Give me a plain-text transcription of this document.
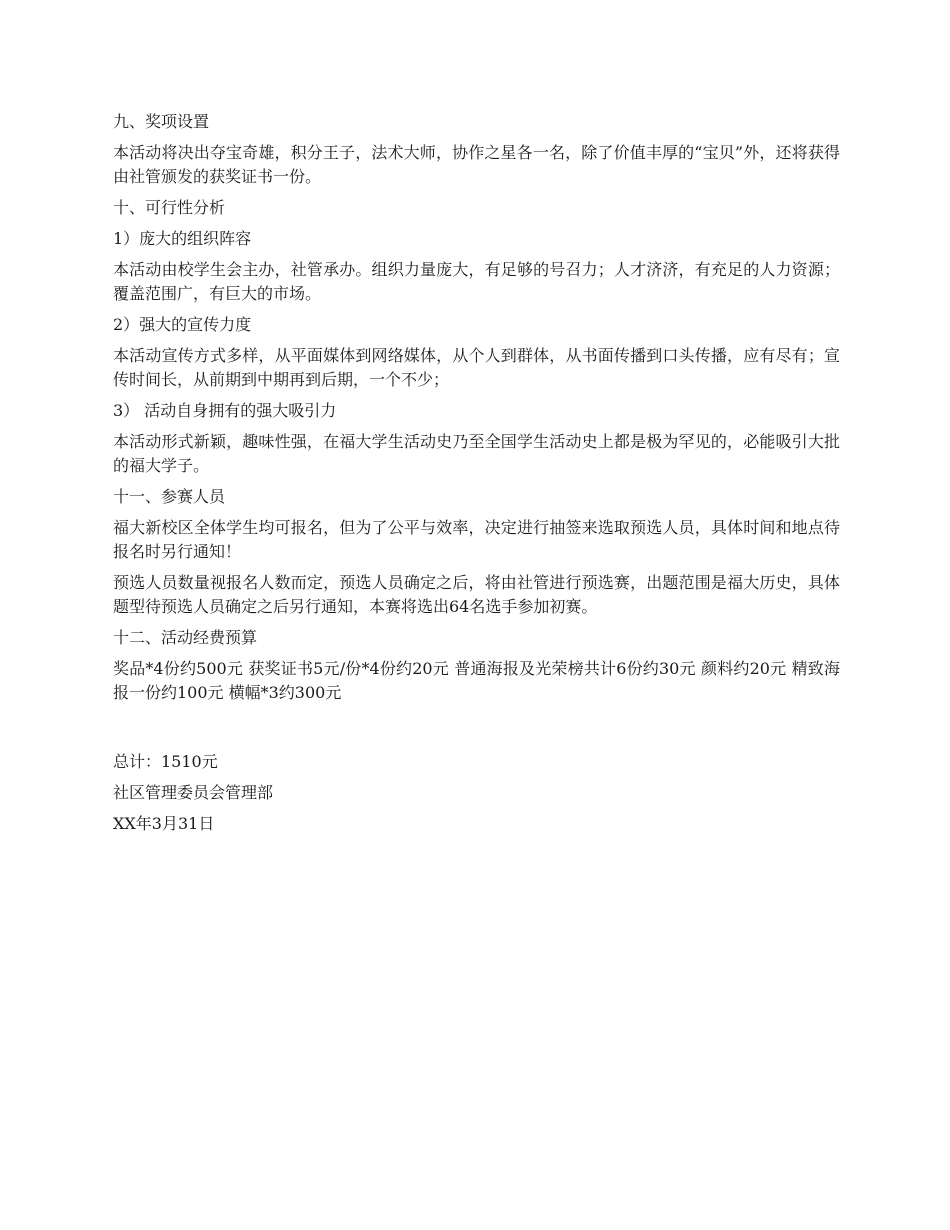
九、奖项设置

本活动将决出夺宝奇雄，积分王子，法术大师，协作之星各一名，除了价值丰厚的“宝贝”外，还将获得由社管颁发的获奖证书一份。

十、可行性分析

1）庞大的组织阵容

本活动由校学生会主办，社管承办。组织力量庞大，有足够的号召力；人才济济，有充足的人力资源；覆盖范围广，有巨大的市场。

2）强大的宣传力度

本活动宣传方式多样，从平面媒体到网络媒体，从个人到群体，从书面传播到口头传播，应有尽有；宣传时间长，从前期到中期再到后期，一个不少；

3） 活动自身拥有的强大吸引力

本活动形式新颖，趣味性强，在福大学生活动史乃至全国学生活动史上都是极为罕见的，必能吸引大批的福大学子。

十一、参赛人员

福大新校区全体学生均可报名，但为了公平与效率，决定进行抽签来选取预选人员，具体时间和地点待报名时另行通知！

预选人员数量视报名人数而定，预选人员确定之后，将由社管进行预选赛，出题范围是福大历史，具体题型待预选人员确定之后另行通知，本赛将选出64名选手参加初赛。

十二、活动经费预算

奖品*4份约500元 获奖证书5元/份*4份约20元 普通海报及光荣榜共计6份约30元 颜料约20元 精致海报一份约100元 横幅*3约300元

总计：1510元

社区管理委员会管理部

XX年3月31日
